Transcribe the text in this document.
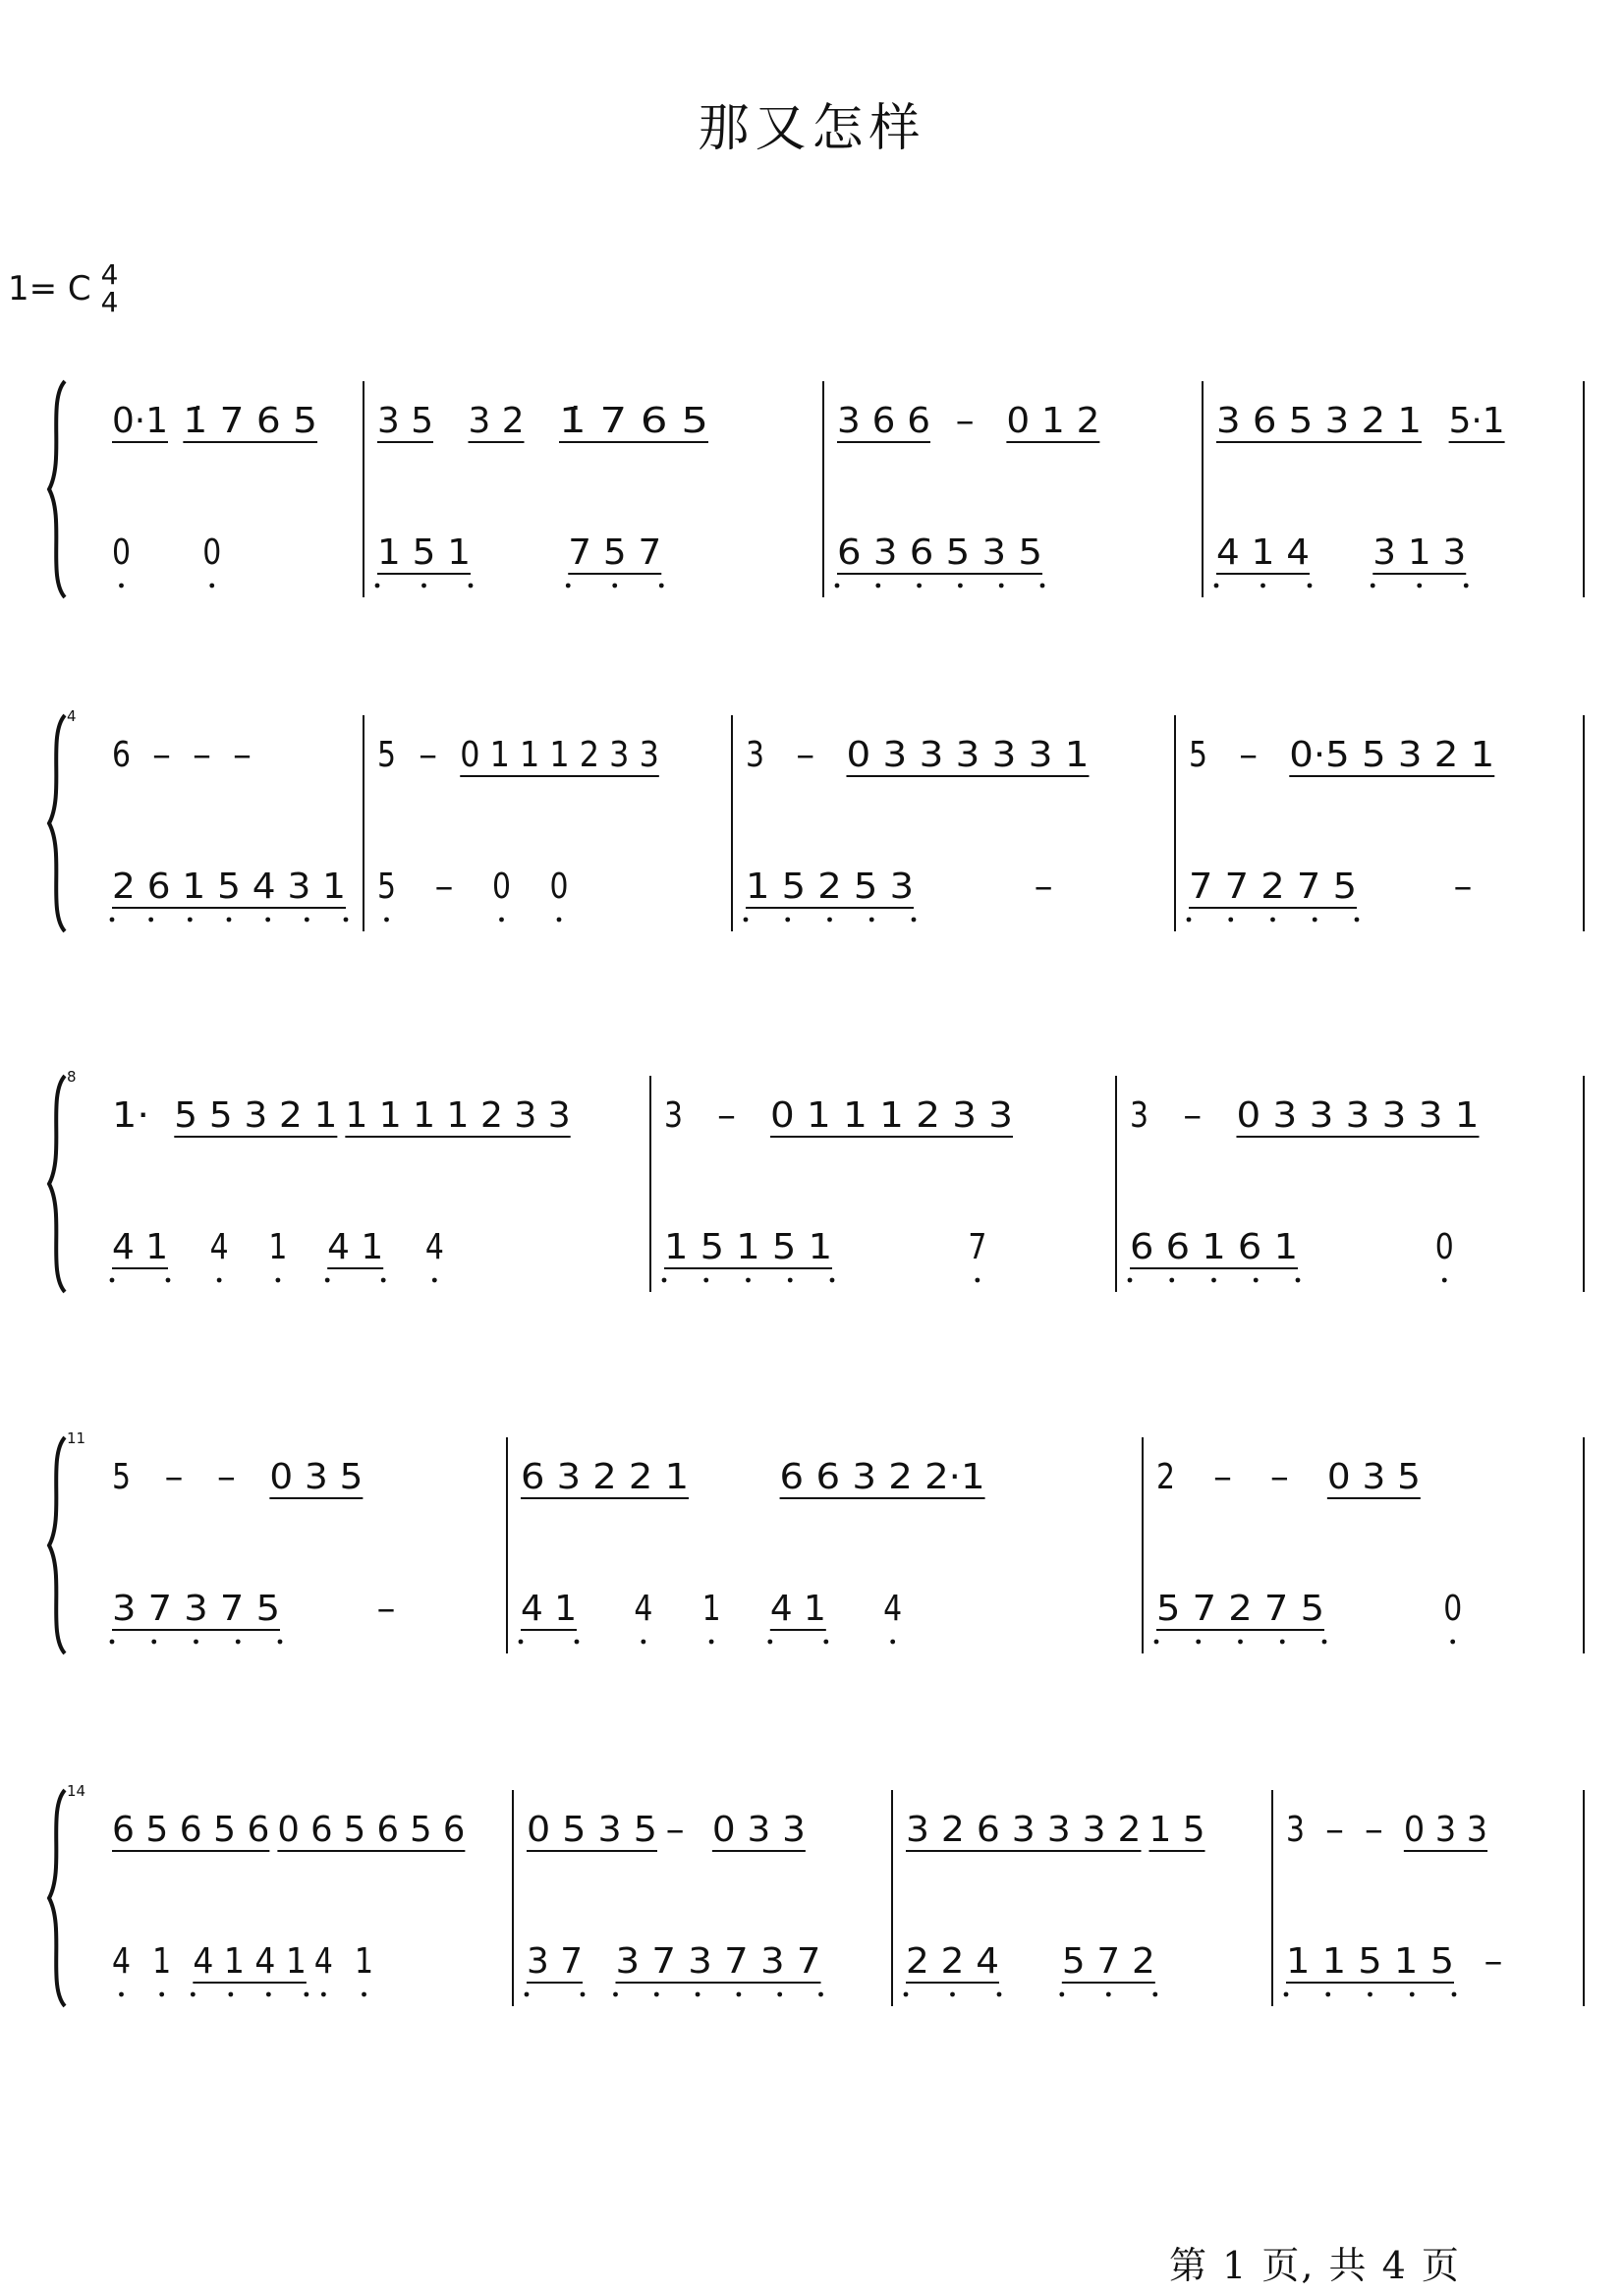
那又怎样
1= C 4
4
0·1 1̇ 7 6 5
0 0
3 5 3 2 1̇ 7 6 5
1 5 1	7 5 7
3 6 6 – 0 1 2
6 3 6 5 3 5
3 6 5 3 2 1 5·1
4 1 4 3 1 3
4
6 – – –
2 6 1 5 4 3 1
5 – 0 1 1 1 2 3 3
5 – 0 0
3 – 0 3 3 3 3 3 1
1 5 2 5 3	–
5 – 0·5 5 3 2 1
7 7 2 7 5	–
8
1· 5 5 3 2 1 1 1 1 1 2 3 3
4 1 4 1 4 1 4
3 – 0 1 1 1 2 3 3
1 5 1 5 1	7
3 – 0 3 3 3 3 3 1
6 6 1 6 1	0
11
5 – – 0 3 5
3 7 3 7 5	–
6 3 2 2 1	6 6 3 2 2·1
4 1 4 1 4 1 4
2 – – 0 3 5
5 7 2 7 5	0
14
6 5 6 5 6 0 6 5 6 5 6
4 1 4 1 4 1 4 1
0 5 3 5 – 0 3 3
3 7 3 7 3 7 3 7
3 2 6 3 3 3 2 1 5
2 2 4 5 7 2
3 – – 0 3 3
1 1 5 1 5 –
第 1 页, 共 4 页
